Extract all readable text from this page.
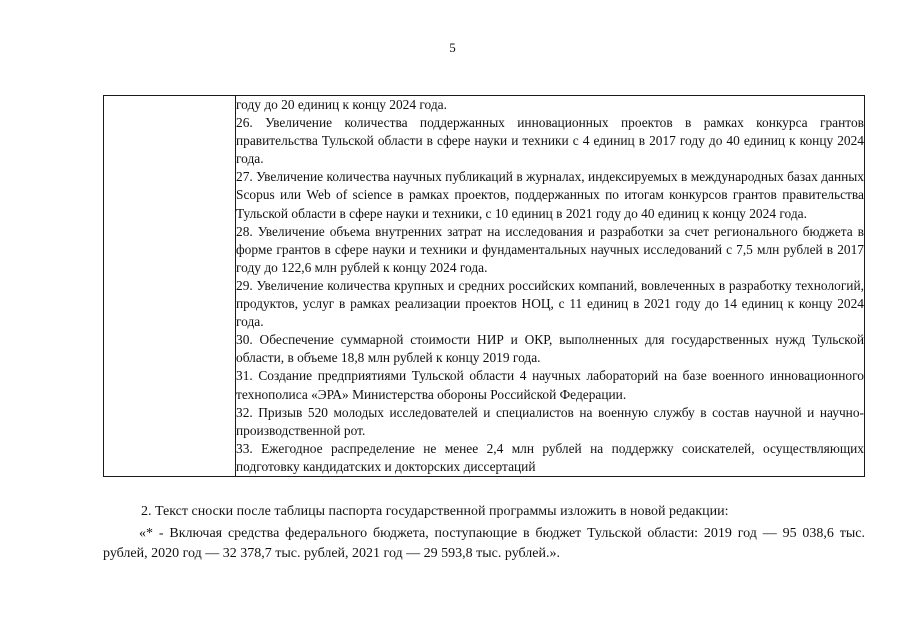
5

году до 20 единиц к концу 2024 года.

26. Увеличение количества поддержанных инновационных проектов в рамках конкурса грантов правительства Тульской области в сфере науки и техники с 4 единиц в 2017 году до 40 единиц к концу 2024 года.

27. Увеличение количества научных публикаций в журналах, индексируемых в международных базах данных Scopus или Web of science в рамках проектов, поддержанных по итогам конкурсов грантов правительства Тульской области в сфере науки и техники, с 10 единиц в 2021 году до 40 единиц к концу 2024 года.

28. Увеличение объема внутренних затрат на исследования и разработки за счет регионального бюджета в форме грантов в сфере науки и техники и фундаментальных научных исследований с 7,5 млн рублей в 2017 году до 122,6 млн рублей к концу 2024 года.

29. Увеличение количества крупных и средних российских компаний, вовлеченных в разработку технологий, продуктов, услуг в рамках реализации проектов НОЦ, с 11 единиц в 2021 году до 14 единиц к концу 2024 года.

30. Обеспечение суммарной стоимости НИР и ОКР, выполненных для государственных нужд Тульской области, в объеме 18,8 млн рублей к концу 2019 года.

31. Создание предприятиями Тульской области 4 научных лабораторий на базе военного инновационного технополиса «ЭРА» Министерства обороны Российской Федерации.

32. Призыв 520 молодых исследователей и специалистов на военную службу в состав научной и научно-производственной рот.

33. Ежегодное распределение не менее 2,4 млн рублей на поддержку соискателей, осуществляющих подготовку кандидатских и докторских диссертаций

2. Текст сноски после таблицы паспорта государственной программы изложить в новой редакции:

«* - Включая средства федерального бюджета, поступающие в бюджет Тульской области: 2019 год — 95 038,6 тыс. рублей, 2020 год — 32 378,7 тыс. рублей, 2021 год — 29 593,8 тыс. рублей.».
